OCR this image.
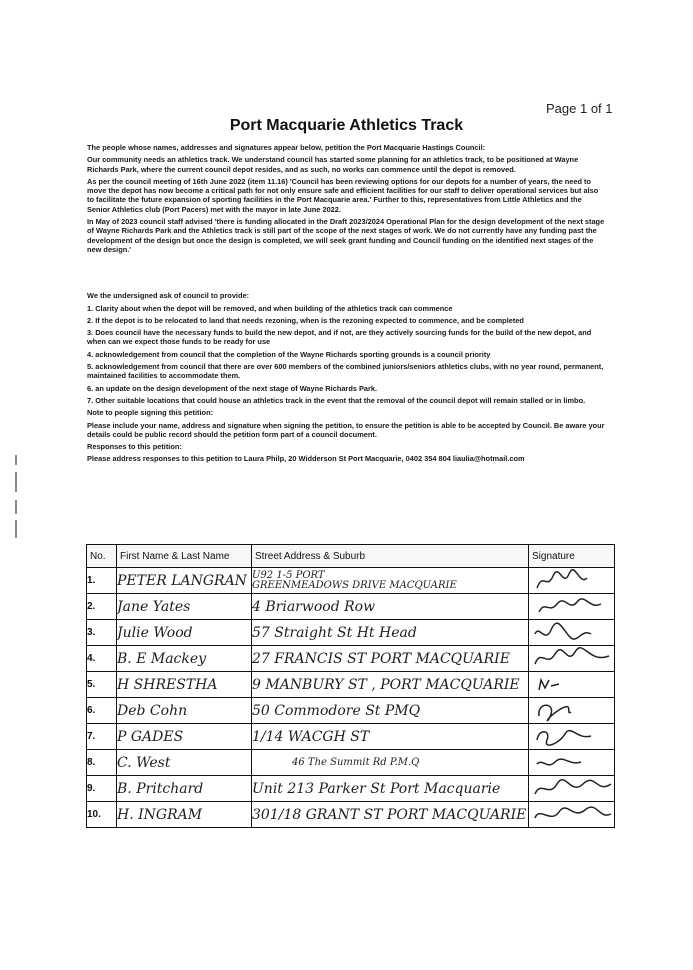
Page 1 of 1
Port Macquarie Athletics Track

The people whose names, addresses and signatures appear below, petition the Port Macquarie Hastings Council:

Our community needs an athletics track. We understand council has started some planning for an athletics track, to be positioned at Wayne Richards Park, where the current council depot resides, and as such, no works can commence until the depot is removed.

As per the council meeting of 16th June 2022 (item 11.16) 'Council has been reviewing options for our depots for a number of years, the need to move the depot has now become a critical path for not only ensure safe and efficient facilities for our staff to deliver operational services but also to facilitate the future expansion of sporting facilities in the Port Macquarie area.' Further to this, representatives from Little Athletics and the Senior Athletics club (Port Pacers) met with the mayor in late June 2022.

In May of 2023 council staff advised 'there is funding allocated in the Draft 2023/2024 Operational Plan for the design development of the next stage of Wayne Richards Park and the Athletics track is still part of the scope of the next stages of work. We do not currently have any funding past the development of the design but once the design is completed, we will seek grant funding and Council funding on the identified next stages of the new design.'

We the undersigned ask of council to provide:

1. Clarity about when the depot will be removed, and when building of the athletics track can commence

2. If the depot is to be relocated to land that needs rezoning, when is the rezoning expected to commence, and be completed

3. Does council have the necessary funds to build the new depot, and if not, are they actively sourcing funds for the build of the new depot, and when can we expect those funds to be ready for use

4. acknowledgement from council that the completion of the Wayne Richards sporting grounds is a council priority

5. acknowledgement from council that there are over 600 members of the combined juniors/seniors athletics clubs, with no year round, permanent, maintained facilities to accommodate them.

6. an update on the design development of the next stage of Wayne Richards Park.

7. Other suitable locations that could house an athletics track in the event that the removal of the council depot will remain stalled or in limbo.

Note to people signing this petition:

Please include your name, address and signature when signing the petition, to ensure the petition is able to be accepted by Council. Be aware your details could be public record should the petition form part of a council document.

Responses to this petition:

Please address responses to this petition to Laura Philp, 20 Widderson St Port Macquarie, 0402 354 804 liaulia@hotmail.com

No.	First Name & Last Name	Street Address & Suburb	Signature
1.	PETER LANGRAN	U92 1-5 PORT
GREENMEADOWS DRIVE MACQUARIE

2.	Jane Yates	4 Briarwood Row	

3.	Julie Wood	57 Straight St Ht Head	

4.	B. E Mackey	27 FRANCIS ST PORT MACQUARIE	

5.	H SHRESTHA	9 MANBURY ST , PORT MACQUARIE	

6.	Deb Cohn	50 Commodore St PMQ	

7.	P GADES	1/14 WACGH ST	

8.	C. West	46 The Summit Rd P.M.Q	

9.	B. Pritchard	Unit 213 Parker St Port Macquarie	

10.	H. INGRAM	301/18 GRANT ST PORT MACQUARIE	
